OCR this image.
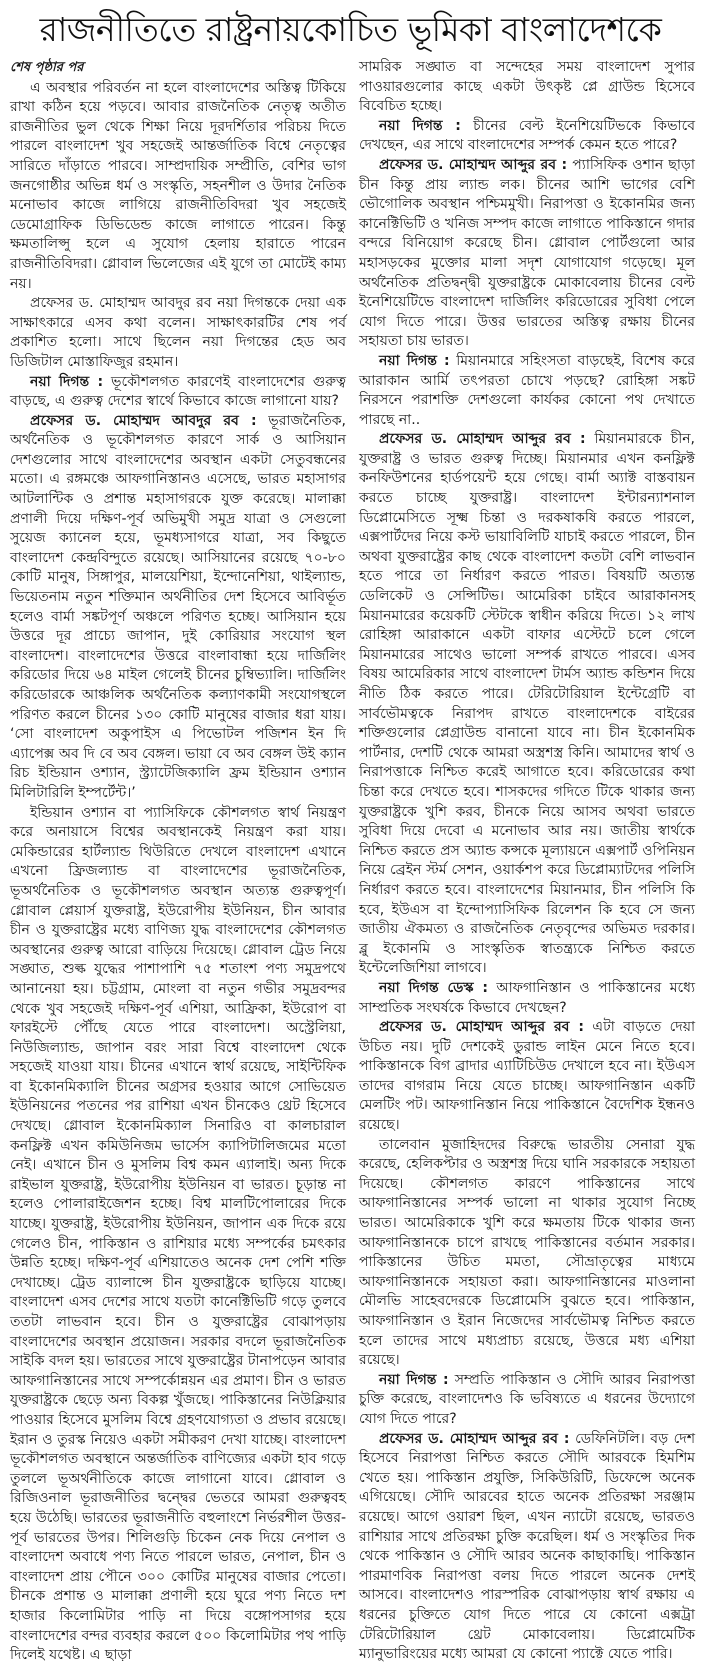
রাজনীতিতে রাষ্ট্রনায়কোচিত ভূমিকা বাংলাদেশকে
শেষ পৃষ্ঠার পর

এ অবস্থার পরিবর্তন না হলে বাংলাদেশের অস্তিত্ব টিকিয়ে রাখা কঠিন হয়ে পড়বে। আবার রাজনৈতিক নেতৃত্ব অতীত রাজনীতির ভুল থেকে শিক্ষা নিয়ে দূরদর্শিতার পরিচয় দিতে পারলে বাংলাদেশ খুব সহজেই আন্তর্জাতিক বিশ্বে নেতৃত্বের সারিতে দাঁড়াতে পারবে। সাম্প্রদায়িক সম্প্রীতি, বেশির ভাগ জনগোষ্ঠীর অভিন্ন ধর্ম ও সংস্কৃতি, সহনশীল ও উদার নৈতিক মনোভাব কাজে লাগিয়ে রাজনীতিবিদরা খুব সহজেই ডেমোগ্রাফিক ডিভিডেন্ড কাজে লাগাতে পারেন। কিন্তু ক্ষমতালিপ্সু হলে এ সুযোগ হেলায় হারাতে পারেন রাজনীতিবিদরা। গ্লোবাল ভিলেজের এই যুগে তা মোটেই কাম্য নয়।

প্রফেসর ড. মোহাম্মদ আবদুর রব নয়া দিগন্তকে দেয়া এক সাক্ষাৎকারে এসব কথা বলেন। সাক্ষাৎকারটির শেষ পর্ব প্রকাশিত হলো। সাথে ছিলেন নয়া দিগন্তের হেড অব ডিজিটাল মোস্তাফিজুর রহমান।

নয়া দিগন্ত : ভূকৌশলগত কারণেই বাংলাদেশের গুরুত্ব বাড়ছে, এ গুরুত্ব দেশের স্বার্থে কিভাবে কাজে লাগানো যায়?

প্রফেসর ড. মোহাম্মদ আবদুর রব : ভূরাজনৈতিক, অর্থনৈতিক ও ভূকৌশলগত কারণে সার্ক ও আসিয়ান দেশগুলোর সাথে বাংলাদেশের অবস্থান একটা সেতুবন্ধনের মতো। এ রঙ্গমঞ্চে আফগানিস্তানও এসেছে, ভারত মহাসাগর আটলান্টিক ও প্রশান্ত মহাসাগরকে যুক্ত করেছে। মালাক্কা প্রণালী দিয়ে দক্ষিণ-পূর্ব অভিমুখী সমুদ্র যাত্রা ও সেগুলো সুয়েজ ক্যানেল হয়ে, ভূমধ্যসাগরে যাত্রা, সব কিছুতে বাংলাদেশ কেন্দ্রবিন্দুতে রয়েছে। আসিয়ানের রয়েছে ৭০-৮০ কোটি মানুষ, সিঙ্গাপুর, মালয়েশিয়া, ইন্দোনেশিয়া, থাইল্যান্ড, ভিয়েতনাম নতুন শক্তিমান অর্থনীতির দেশ হিসেবে আবির্ভূত হলেও বার্মা সঙ্কটপূর্ণ অঞ্চলে পরিণত হচ্ছে। আসিয়ান হয়ে উত্তরে দূর প্রাচ্যে জাপান, দুই কোরিয়ার সংযোগ স্থল বাংলাদেশ। বাংলাদেশের উত্তরে বাংলাবান্ধা হয়ে দার্জিলিং করিডোর দিয়ে ৬৪ মাইল গেলেই চীনের চুম্বিভ্যালি। দার্জিলিং করিডোরকে আঞ্চলিক অর্থনৈতিক কল্যাণকামী সংযোগস্থলে পরিণত করলে চীনের ১৩০ কোটি মানুষের বাজার ধরা যায়। ‘সো বাংলাদেশ অকুপাইস এ পিভোটল পজিশন ইন দি এ্যাপেক্স অব দি বে অব বেঙ্গল। ভায়া বে অব বেঙ্গল উই ক্যান রিচ ইন্ডিয়ান ওশ্যান, স্ট্র্যাটেজিক্যালি ফ্রম ইন্ডিয়ান ওশ্যান মিলিটারিলি ইম্পর্টেন্ট।’

ইন্ডিয়ান ওশ্যান বা প্যাসিফিকে কৌশলগত স্বার্থ নিয়ন্ত্রণ করে অনায়াসে বিশ্বের অবস্থানকেই নিয়ন্ত্রণ করা যায়। মেকিন্ডারের হার্টল্যান্ড থিউরিতে দেখলে বাংলাদেশ এখানে এখনো ফ্রিজল্যান্ড বা বাংলাদেশের ভূরাজনৈতিক, ভূঅর্থনৈতিক ও ভূকৌশলগত অবস্থান অত্যন্ত গুরুত্বপূর্ণ। গ্লোবাল প্লেয়ার্স যুক্তরাষ্ট্র, ইউরোপীয় ইউনিয়ন, চীন আবার চীন ও যুক্তরাষ্ট্রের মধ্যে বাণিজ্য যুদ্ধ বাংলাদেশের কৌশলগত অবস্থানের গুরুত্ব আরো বাড়িয়ে দিয়েছে। গ্লোবাল ট্রেড নিয়ে সঙ্ঘাত, শুল্ক যুদ্ধের পাশাপাশি ৭৫ শতাংশ পণ্য সমুদ্রপথে আনানেয়া হয়। চট্টগ্রাম, মোংলা বা নতুন গভীর সমুদ্রবন্দর থেকে খুব সহজেই দক্ষিণ-পূর্ব এশিয়া, আফ্রিকা, ইউরোপ বা ফারইস্টে পৌঁছে যেতে পারে বাংলাদেশ। অস্ট্রেলিয়া, নিউজিল্যান্ড, জাপান বরং সারা বিশ্বে বাংলাদেশ থেকে সহজেই যাওয়া যায়। চীনের এখানে স্বার্থ রয়েছে, সাইন্টিফিক বা ইকোনমিক্যালি চীনের অগ্রসর হওয়ার আগে সোভিয়েত ইউনিয়নের পতনের পর রাশিয়া এখন চীনকেও থ্রেট হিসেবে দেখছে। গ্লোবাল ইকোনমিক্যাল সিনারিও বা কালচারাল কনফ্লিক্ট এখন কমিউনিজম ভার্সেস ক্যাপিটালিজমের মতো নেই। এখানে চীন ও মুসলিম বিশ্ব কমন এ্যালাই। অন্য দিকে রাইভাল যুক্তরাষ্ট্র, ইউরোপীয় ইউনিয়ন বা ভারত। চূড়ান্ত না হলেও পোলারাইজেশন হচ্ছে। বিশ্ব মালটিপোলারের দিকে যাচ্ছে। যুক্তরাষ্ট্র, ইউরোপীয় ইউনিয়ন, জাপান এক দিকে রয়ে গেলেও চীন, পাকিস্তান ও রাশিয়ার মধ্যে সম্পর্কের চমৎকার উন্নতি হচ্ছে। দক্ষিণ-পূর্ব এশিয়াতেও অনেক দেশ পেশি শক্তি দেখাচ্ছে। ট্রেড ব্যালান্সে চীন যুক্তরাষ্ট্রকে ছাড়িয়ে যাচ্ছে। বাংলাদেশ এসব দেশের সাথে যতটা কানেক্টিভিটি গড়ে তুলবে ততটা লাভবান হবে। চীন ও যুক্তরাষ্ট্রের বোঝাপড়ায় বাংলাদেশের অবস্থান প্রয়োজন। সরকার বদলে ভূরাজনৈতিক সাইকি বদল হয়। ভারতের সাথে যুক্তরাষ্ট্রের টানাপড়েন আবার আফগানিস্তানের সাথে সম্পর্কোন্নয়ন এর প্রমাণ। চীন ও ভারত যুক্তরাষ্ট্রকে ছেড়ে অন্য বিকল্প খুঁজছে। পাকিস্তানের নিউক্লিয়ার পাওয়ার হিসেবে মুসলিম বিশ্বে গ্রহণযোগ্যতা ও প্রভাব রয়েছে। ইরান ও তুরস্ক নিয়েও একটা সমীকরণ দেখা যাচ্ছে। বাংলাদেশ ভূকৌশলগত অবস্থানে অন্তর্জাতিক বাণিজ্যের একটা হাব গড়ে তুললে ভূঅর্থনীতিকে কাজে লাগানো যাবে। গ্লোবাল ও রিজিওনাল ভূরাজনীতির দ্বন্দ্বের ভেতরে আমরা গুরুত্ববহ হয়ে উঠেছি। ভারতের ভূরাজনীতি বহুলাংশে নির্ভরশীল উত্তর-পূর্ব ভারতের উপর। শিলিগুড়ি চিকেন নেক দিয়ে নেপাল ও বাংলাদেশ অবাধে পণ্য নিতে পারলে ভারত, নেপাল, চীন ও বাংলাদেশ প্রায় পৌনে ৩০০ কোটির মানুষের বাজার পেতো। চীনকে প্রশান্ত ও মালাক্কা প্রণালী হয়ে ঘুরে পণ্য নিতে দশ হাজার কিলোমিটার পাড়ি না দিয়ে বঙ্গোপসাগর হয়ে বাংলাদেশের বন্দর ব্যবহার করলে ৫০০ কিলোমিটার পথ পাড়ি দিলেই যথেষ্ট। এ ছাড়া

সামরিক সঙ্ঘাত বা সন্দেহের সময় বাংলাদেশ সুপার পাওয়ারগুলোর কাছে একটা উৎকৃষ্ট প্লে গ্রাউন্ড হিসেবে বিবেচিত হচ্ছে।

নয়া দিগন্ত : চীনের বেল্ট ইনেশিয়েটিভকে কিভাবে দেখছেন, এর সাথে বাংলাদেশের সম্পর্ক কেমন হতে পারে?

প্রফেসর ড. মোহাম্মদ আব্দুর রব : প্যাসিফিক ওশান ছাড়া চীন কিন্তু প্রায় ল্যান্ড লক। চীনের আশি ভাগের বেশি ভৌগোলিক অবস্থান পশ্চিমমুখী। নিরাপত্তা ও ইকোনমির জন্য কানেক্টিভিটি ও খনিজ সম্পদ কাজে লাগাতে পাকিস্তানে গদার বন্দরে বিনিয়োগ করেছে চীন। গ্লোবাল পোর্টগুলো আর মহাসড়কের মুক্তোর মালা সদৃশ যোগাযোগ গড়েছে। মূল অর্থনৈতিক প্রতিদ্বন্দ্বী যুক্তরাষ্ট্রকে মোকাবেলায় চীনের বেল্ট ইনেশিয়েটিভে বাংলাদেশ দার্জিলিং করিডোরের সুবিধা পেলে যোগ দিতে পারে। উত্তর ভারতের অস্তিত্ব রক্ষায় চীনের সহায়তা চায় ভারত।

নয়া দিগন্ত : মিয়ানমারে সহিংসতা বাড়ছেই, বিশেষ করে আরাকান আর্মি তৎপরতা চোখে পড়ছে? রোহিঙ্গা সঙ্কট নিরসনে পরাশক্তি দেশগুলো কার্যকর কোনো পথ দেখাতে পারছে না..

প্রফেসর ড. মোহাম্মদ আব্দুর রব : মিয়ানমারকে চীন, যুক্তরাষ্ট্র ও ভারত গুরুত্ব দিচ্ছে। মিয়ানমার এখন কনফ্লিক্ট কনফিউশনের হার্ডপয়েন্ট হয়ে গেছে। বার্মা অ্যাক্ট বাস্তবায়ন করতে চাচ্ছে যুক্তরাষ্ট্র। বাংলাদেশ ইন্টারন্যাশনাল ডিপ্লোমেসিতে সূক্ষ্ম চিন্তা ও দরকষাকষি করতে পারলে, এক্সপার্টদের নিয়ে কস্ট ভায়াবিলিটি যাচাই করতে পারলে, চীন অথবা যুক্তরাষ্ট্রের কাছ থেকে বাংলাদেশ কতটা বেশি লাভবান হতে পারে তা নির্ধারণ করতে পারত। বিষয়টি অত্যন্ত ডেলিকেট ও সেন্সিটিভ। আমেরিকা চাইবে আরাকানসহ মিয়ানমারের কয়েকটি স্টেটকে স্বাধীন করিয়ে দিতে। ১২ লাখ রোহিঙ্গা আরাকানে একটা বাফার এস্টেটে চলে গেলে মিয়ানমারের সাথেও ভালো সম্পর্ক রাখতে পারবে। এসব বিষয় আমেরিকার সাথে বাংলাদেশ টার্মস অ্যান্ড কন্ডিশন দিয়ে নীতি ঠিক করতে পারে। টেরিটোরিয়াল ইন্টেগ্রেটি বা সার্বভৌমত্বকে নিরাপদ রাখতে বাংলাদেশকে বাইরের শক্তিগুলোর প্লেগ্রাউন্ড বানানো যাবে না। চীন ইকোনমিক পার্টনার, দেশটি থেকে আমরা অস্ত্রশস্ত্র কিনি। আমাদের স্বার্থ ও নিরাপত্তাকে নিশ্চিত করেই আগাতে হবে। করিডোরের কথা চিন্তা করে দেখতে হবে। শাসকদের গদিতে টিকে থাকার জন্য যুক্তরাষ্ট্রকে খুশি করব, চীনকে নিয়ে আসব অথবা ভারতে সুবিধা দিয়ে দেবো এ মনোভাব আর নয়। জাতীয় স্বার্থকে নিশ্চিত করতে প্রস অ্যান্ড কন্সকে মূল্যায়নে এক্সপার্ট ওপিনিয়ন নিয়ে ব্রেইন স্টর্ম সেশন, ওয়ার্কশপ করে ডিপ্লোম্যাটদের পলিসি নির্ধারণ করতে হবে। বাংলাদেশের মিয়ানমার, চীন পলিসি কি হবে, ইউএস বা ইন্দোপ্যাসিফিক রিলেশন কি হবে সে জন্য জাতীয় ঐকমত্য ও রাজনৈতিক নেতৃবৃন্দের অভিমত দরকার। ব্লু ইকোনমি ও সাংস্কৃতিক স্বাতন্ত্র্যকে নিশ্চিত করতে ইন্টেলেজিশিয়া লাগবে।

নয়া দিগন্ত ডেস্ক : আফগানিস্তান ও পাকিস্তানের মধ্যে সাম্প্রতিক সংঘর্ষকে কিভাবে দেখছেন?

প্রফেসর ড. মোহাম্মদ আব্দুর রব : এটা বাড়তে দেয়া উচিত নয়। দুটি দেশকেই ডুরান্ড লাইন মেনে নিতে হবে। পাকিস্তানকে বিগ ব্রাদার এ্যাটিচিউড দেখালে হবে না। ইউএস তাদের বাগরাম নিয়ে যেতে চাচ্ছে। আফগানিস্তান একটি মেলটিং পট। আফগানিস্তান নিয়ে পাকিস্তানে বৈদেশিক ইন্ধনও রয়েছে।

তালেবান মুজাহিদদের বিরুদ্ধে ভারতীয় সেনারা যুদ্ধ করেছে, হেলিকপ্টার ও অস্ত্রশস্ত্র দিয়ে ঘানি সরকারকে সহায়তা দিয়েছে। কৌশলগত কারণে পাকিস্তানের সাথে আফগানিস্তানের সম্পর্ক ভালো না থাকার সুযোগ নিচ্ছে ভারত। আমেরিকাকে খুশি করে ক্ষমতায় টিকে থাকার জন্য আফগানিস্তানকে চাপে রাখছে পাকিস্তানের বর্তমান সরকার। পাকিস্তানের উচিত মমতা, সৌভ্রাতৃত্বের মাধ্যমে আফগানিস্তানকে সহায়তা করা। আফগানিস্তানের মাওলানা মৌলভি সাহেবদেরকে ডিপ্লোমেসি বুঝতে হবে। পাকিস্তান, আফগানিস্তান ও ইরান নিজেদের সার্বভৌমত্ব নিশ্চিত করতে হলে তাদের সাথে মধ্যপ্রাচ্য রয়েছে, উত্তরে মধ্য এশিয়া রয়েছে।

নয়া দিগন্ত : সম্প্রতি পাকিস্তান ও সৌদি আরব নিরাপত্তা চুক্তি করেছে, বাংলাদেশও কি ভবিষ্যতে এ ধরনের উদ্যোগে যোগ দিতে পারে?

প্রফেসর ড. মোহাম্মদ আব্দুর রব : ডেফিনিটলি। বড় দেশ হিসেবে নিরাপত্তা নিশ্চিত করতে সৌদি আরবকে হিমশিম খেতে হয়। পাকিস্তান প্রযুক্তি, সিকিউরিটি, ডিফেন্সে অনেক এগিয়েছে। সৌদি আরবের হাতে অনেক প্রতিরক্ষা সরঞ্জাম রয়েছে। আগে ওয়ারশ ছিল, এখন ন্যাটো রয়েছে, ভারতও রাশিয়ার সাথে প্রতিরক্ষা চুক্তি করেছিল। ধর্ম ও সংস্কৃতির দিক থেকে পাকিস্তান ও সৌদি আরব অনেক কাছাকাছি। পাকিস্তান পারমাণবিক নিরাপত্তা বলয় দিতে পারলে অনেক দেশই আসবে। বাংলাদেশও পারস্পরিক বোঝাপড়ায় স্বার্থ রক্ষায় এ ধরনের চুক্তিতে যোগ দিতে পারে যে কোনো এক্সট্রা টেরিটোরিয়াল থ্রেট মোকাবেলায়। ডিপ্লোমেটিক ম্যানুভারিংয়ের মধ্যে আমরা যে কোনো প্যাক্টে যেতে পারি।
